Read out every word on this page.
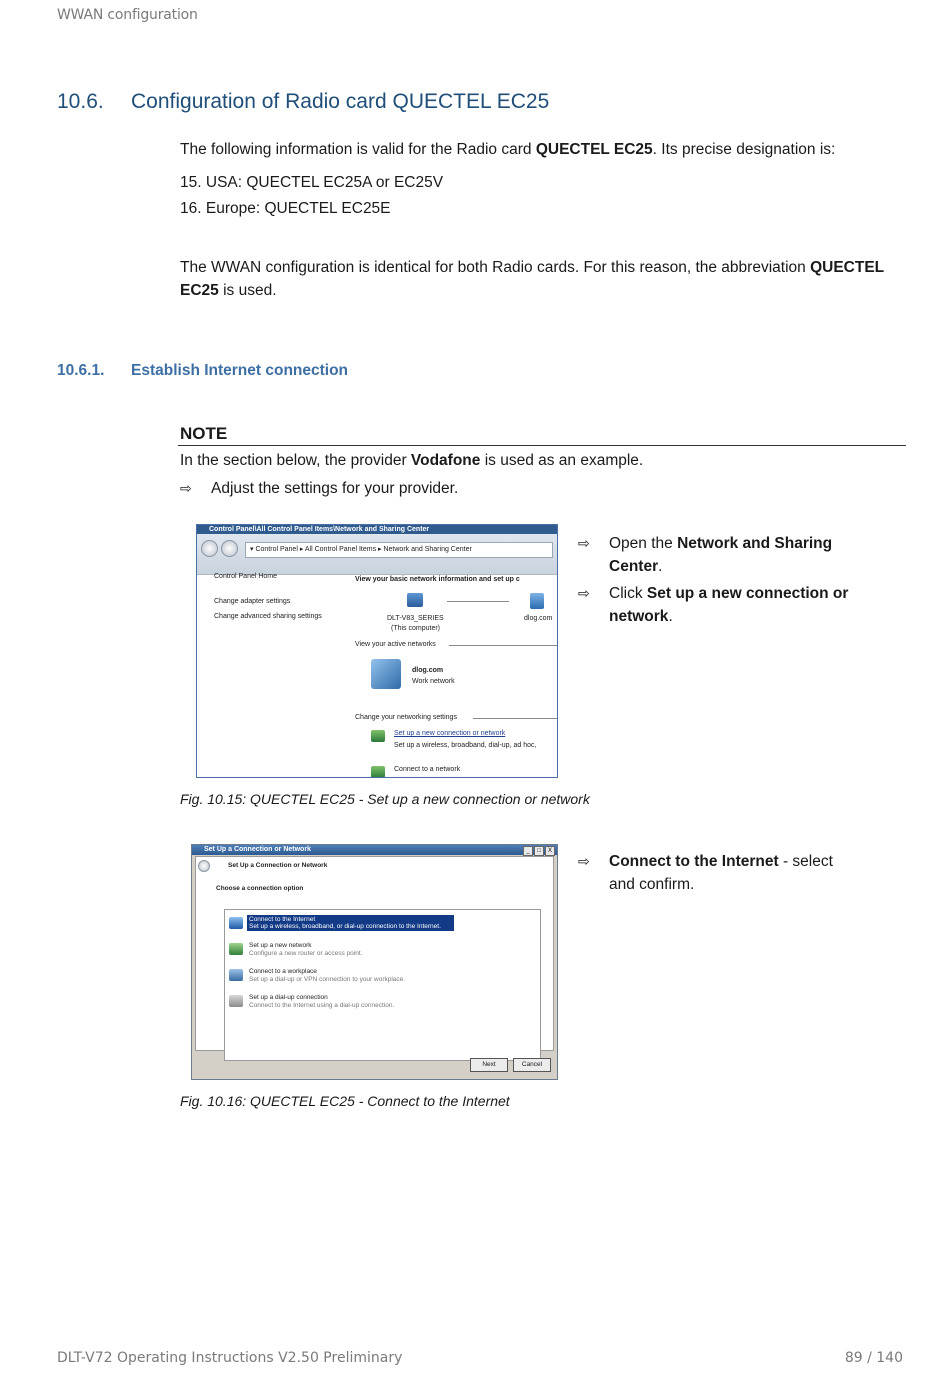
WWAN configuration
10.6. Configuration of Radio card QUECTEL EC25
The following information is valid for the Radio card QUECTEL EC25. Its precise designation is:
15. USA: QUECTEL EC25A or EC25V
16. Europe: QUECTEL EC25E
The WWAN configuration is identical for both Radio cards. For this reason, the abbreviation QUECTEL
EC25 is used.
10.6.1. Establish Internet connection
NOTE
In the section below, the provider Vodafone is used as an example.
⇨ Adjust the settings for your provider.
Control Panel\All Control Panel Items\Network and Sharing Center
▾ Control Panel ▸ All Control Panel Items ▸ Network and Sharing Center
Control Panel Home
Change adapter settings
Change advanced sharing settings
View your basic network information and set up c
DLT-V83_SERIES
(This computer)
dlog.com
View your active networks
dlog.com
Work network
Change your networking settings
Set up a new connection or network
Set up a wireless, broadband, dial-up, ad hoc,
Connect to a network
⇨ Open the Network and Sharing
Center.
⇨ Click Set up a new connection or
network.
Fig. 10.15: QUECTEL EC25 - Set up a new connection or network
Set Up a Connection or Network	_	□	X
Set Up a Connection or Network
Choose a connection option
Connect to the Internet
Set up a wireless, broadband, or dial-up connection to the Internet.
Set up a new network
Configure a new router or access point.
Connect to a workplace
Set up a dial-up or VPN connection to your workplace.
Set up a dial-up connection
Connect to the Internet using a dial-up connection.
Next	Cancel
⇨ Connect to the Internet - select
and confirm.
Fig. 10.16: QUECTEL EC25 - Connect to the Internet
DLT-V72 Operating Instructions V2.50 Preliminary	89 / 140
